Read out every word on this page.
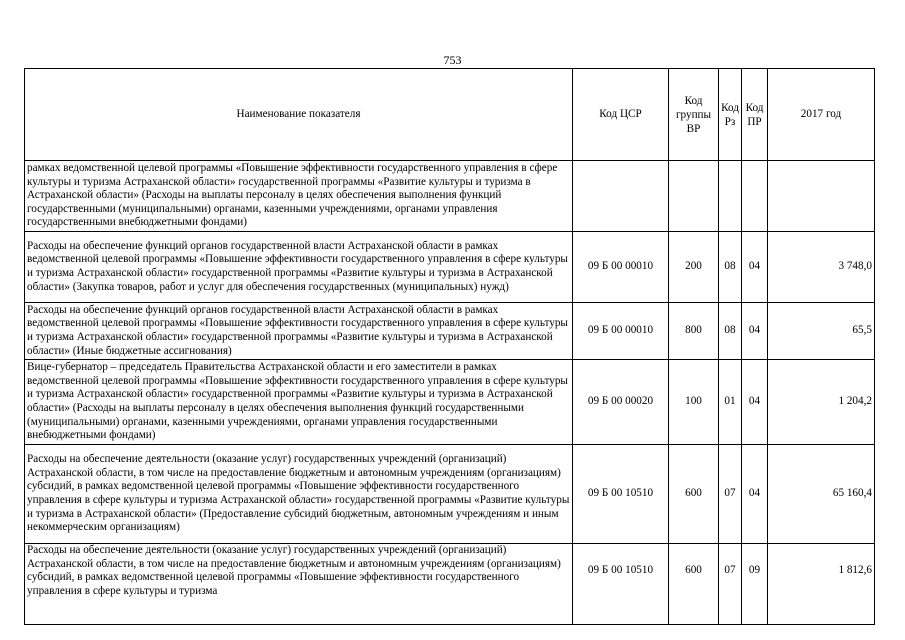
753
Наименование показателя	Код ЦСР	Код группы ВР	Код Рз	Код ПР	2017 год
рамках ведомственной целевой программы «Повышение эффективности государственного управления в сфере культуры и туризма Астраханской области» государственной программы «Развитие культуры и туризма в Астраханской области» (Расходы на выплаты персоналу в целях обеспечения выполнения функций государственными (муниципальными) органами, казенными учреждениями, органами управления государственными внебюджетными фондами)					
Расходы на обеспечение функций органов государственной власти Астраханской области в рамках ведомственной целевой программы «Повышение эффективности государственного управления в сфере культуры и туризма Астраханской области» государственной программы «Развитие культуры и туризма в Астраханской области» (Закупка товаров, работ и услуг для обеспечения государственных (муниципальных) нужд)	09 Б 00 00010	200	08	04	3 748,0
Расходы на обеспечение функций органов государственной власти Астраханской области в рамках ведомственной целевой программы «Повышение эффективности государственного управления в сфере культуры и туризма Астраханской области» государственной программы «Развитие культуры и туризма в Астраханской области» (Иные бюджетные ассигнования)	09 Б 00 00010	800	08	04	65,5
Вице-губернатор – председатель Правительства Астраханской области и его заместители в рамках ведомственной целевой программы «Повышение эффективности государственного управления в сфере культуры и туризма Астраханской области» государственной программы «Развитие культуры и туризма в Астраханской области» (Расходы на выплаты персоналу в целях обеспечения выполнения функций государственными (муниципальными) органами, казенными учреждениями, органами управления государственными внебюджетными фондами)	09 Б 00 00020	100	01	04	1 204,2
Расходы на обеспечение деятельности (оказание услуг) государственных учреждений (организаций) Астраханской области, в том числе на предоставление бюджетным и автономным учреждениям (организациям) субсидий, в рамках ведомственной целевой программы «Повышение эффективности государственного управления в сфере культуры и туризма Астраханской области» государственной программы «Развитие культуры и туризма в Астраханской области» (Предоставление субсидий бюджетным, автономным учреждениям и иным некоммерческим организациям)	09 Б 00 10510	600	07	04	65 160,4
Расходы на обеспечение деятельности (оказание услуг) государственных учреждений (организаций) Астраханской области, в том числе на предоставление бюджетным и автономным учреждениям (организациям) субсидий, в рамках ведомственной целевой программы «Повышение эффективности государственного управления в сфере культуры и туризма	09 Б 00 10510	600	07	09	1 812,6
